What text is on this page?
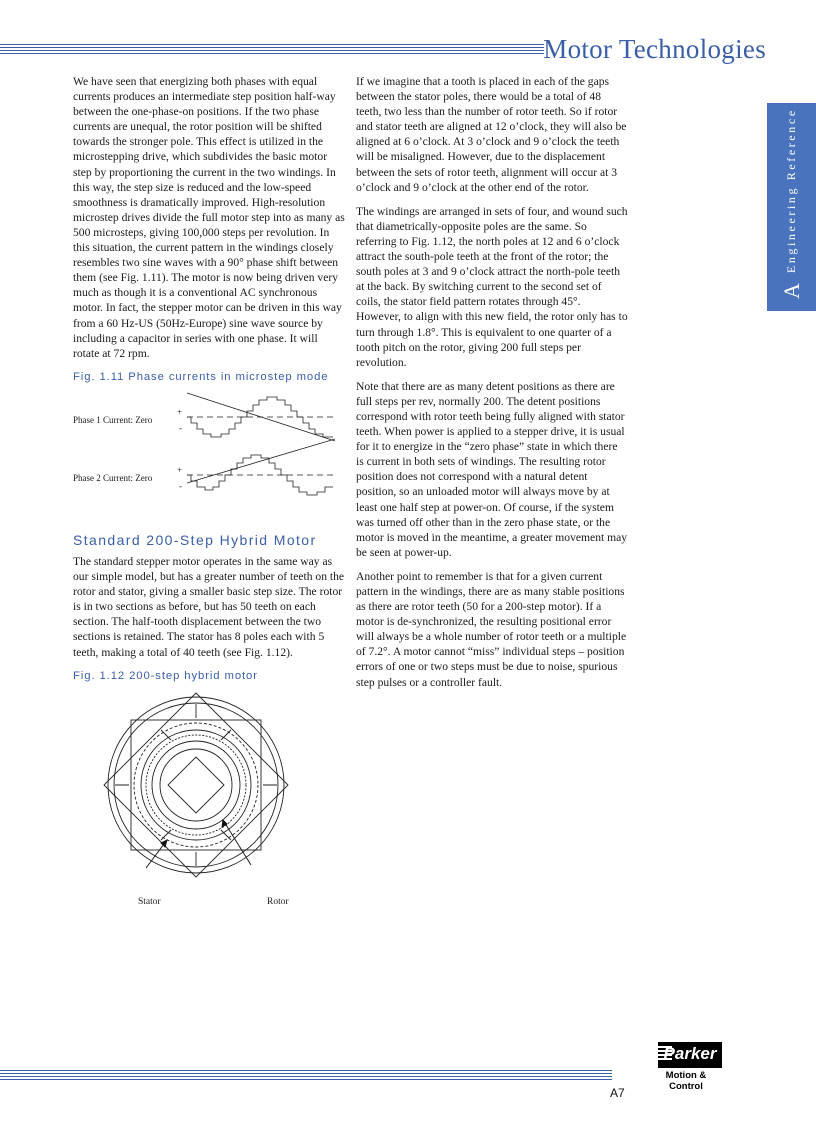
Motor Technologies
A
Engineering Reference

We have seen that energizing both phases with equal currents produces an intermediate step position half-way between the one-phase-on positions. If the two phase currents are unequal, the rotor position will be shifted towards the stronger pole. This effect is utilized in the microstepping drive, which subdivides the basic motor step by proportioning the current in the two windings. In this way, the step size is reduced and the low-speed smoothness is dramatically improved. High-resolution microstep drives divide the full motor step into as many as 500 microsteps, giving 100,000 steps per revolution. In this situation, the current pattern in the windings closely resembles two sine waves with a 90° phase shift between them (see Fig. 1.11). The motor is now being driven very much as though it is a conventional AC synchronous motor. In fact, the stepper motor can be driven in this way from a 60 Hz-US (50Hz-Europe) sine wave source by including a capacitor in series with one phase. It will rotate at 72 rpm.

Fig. 1.11 Phase currents in microstep mode
Phase 1 Current: Zero
Phase 2 Current: Zero
+
-
+
-
Standard 200-Step Hybrid Motor

The standard stepper motor operates in the same way as our simple model, but has a greater number of teeth on the rotor and stator, giving a smaller basic step size. The rotor is in two sections as before, but has 50 teeth on each section. The half-tooth displacement between the two sections is retained. The stator has 8 poles each with 5 teeth, making a total of 40 teeth (see Fig. 1.12).

Fig. 1.12 200-step hybrid motor
Stator	Rotor

If we imagine that a tooth is placed in each of the gaps between the stator poles, there would be a total of 48 teeth, two less than the number of rotor teeth. So if rotor and stator teeth are aligned at 12 o’clock, they will also be aligned at 6 o’clock. At 3 o’clock and 9 o’clock the teeth will be misaligned. However, due to the displacement between the sets of rotor teeth, alignment will occur at 3 o’clock and 9 o’clock at the other end of the rotor.

The windings are arranged in sets of four, and wound such that diametrically-opposite poles are the same. So referring to Fig. 1.12, the north poles at 12 and 6 o’clock attract the south-pole teeth at the front of the rotor; the south poles at 3 and 9 o’clock attract the north-pole teeth at the back. By switching current to the second set of coils, the stator field pattern rotates through 45°. However, to align with this new field, the rotor only has to turn through 1.8°. This is equivalent to one quarter of a tooth pitch on the rotor, giving 200 full steps per revolution.

Note that there are as many detent positions as there are full steps per rev, normally 200. The detent positions correspond with rotor teeth being fully aligned with stator teeth. When power is applied to a stepper drive, it is usual for it to energize in the “zero phase” state in which there is current in both sets of windings. The resulting rotor position does not correspond with a natural detent position, so an unloaded motor will always move by at least one half step at power-on. Of course, if the system was turned off other than in the zero phase state, or the motor is moved in the meantime, a greater movement may be seen at power-up.

Another point to remember is that for a given current pattern in the windings, there are as many stable positions as there are rotor teeth (50 for a 200-step motor). If a motor is de-synchronized, the resulting positional error will always be a whole number of rotor teeth or a multiple of 7.2°. A motor cannot “miss” individual steps – position errors of one or two steps must be due to noise, spurious step pulses or a controller fault.

Parker
Motion & Control
A7
